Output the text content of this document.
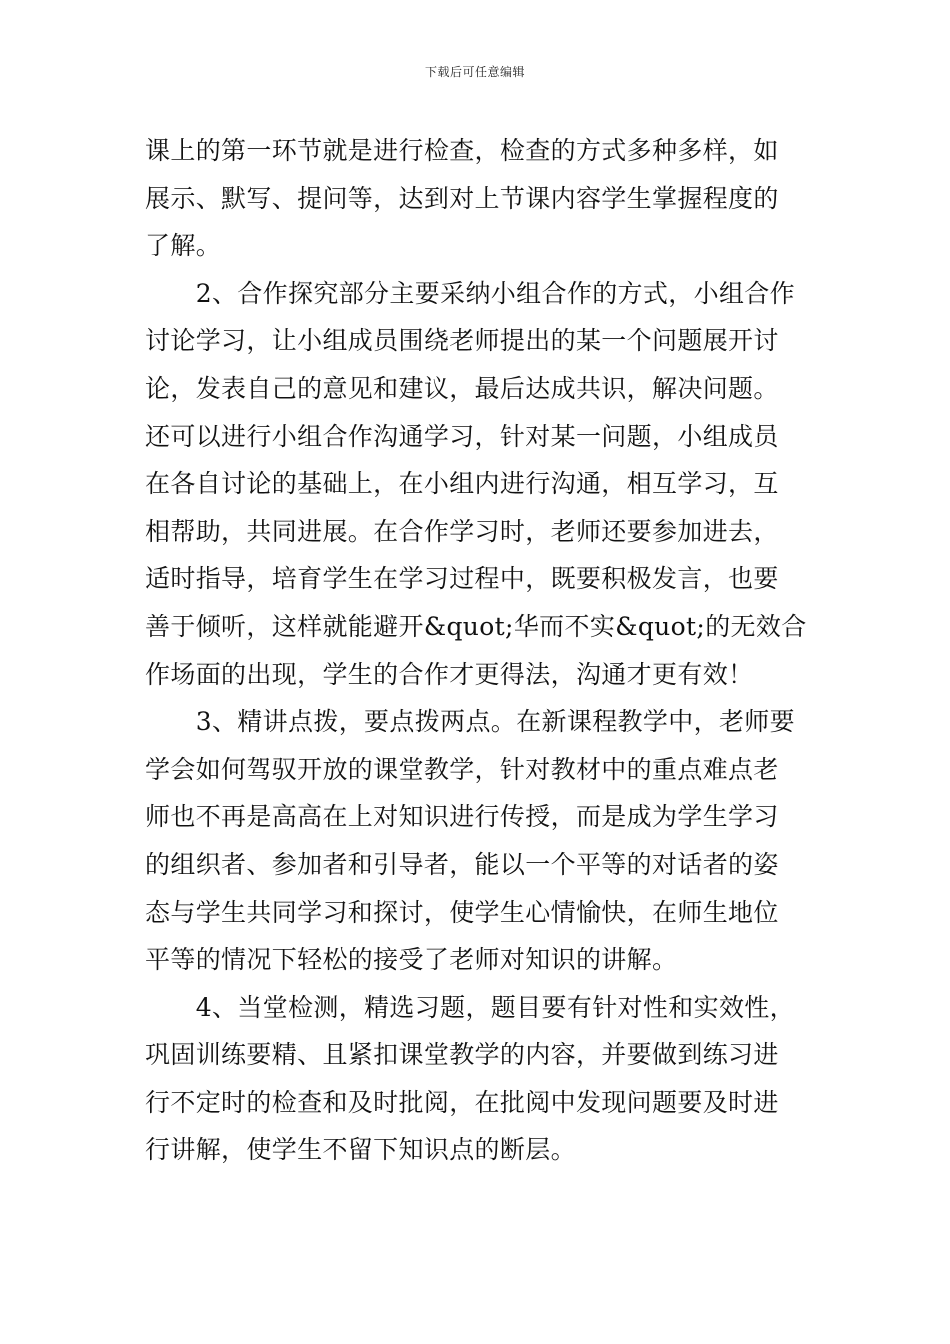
下载后可任意编辑
课上的第一环节就是进行检查，检查的方式多种多样，如
展示、默写、提问等，达到对上节课内容学生掌握程度的
了解。
　　2、合作探究部分主要采纳小组合作的方式，小组合作
讨论学习，让小组成员围绕老师提出的某一个问题展开讨
论，发表自己的意见和建议，最后达成共识，解决问题。
还可以进行小组合作沟通学习，针对某一问题，小组成员
在各自讨论的基础上，在小组内进行沟通，相互学习，互
相帮助，共同进展。在合作学习时，老师还要参加进去，
适时指导，培育学生在学习过程中，既要积极发言，也要
善于倾听，这样就能避开&quot;华而不实&quot;的无效合
作场面的出现，学生的合作才更得法，沟通才更有效！
　　3、精讲点拨，要点拨两点。在新课程教学中，老师要
学会如何驾驭开放的课堂教学，针对教材中的重点难点老
师也不再是高高在上对知识进行传授，而是成为学生学习
的组织者、参加者和引导者，能以一个平等的对话者的姿
态与学生共同学习和探讨，使学生心情愉快，在师生地位
平等的情况下轻松的接受了老师对知识的讲解。
　　4、当堂检测，精选习题，题目要有针对性和实效性，
巩固训练要精、且紧扣课堂教学的内容，并要做到练习进
行不定时的检查和及时批阅，在批阅中发现问题要及时进
行讲解，使学生不留下知识点的断层。
